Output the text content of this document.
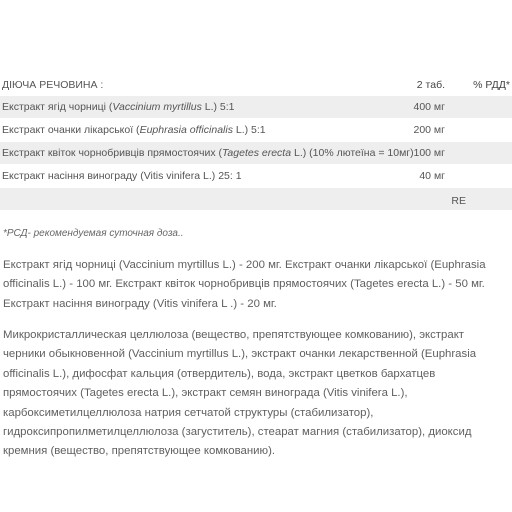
ДІЮЧА РЕЧОВИНА :	2 таб.	% РДД*
Екстракт ягід чорниці (Vaccinium myrtillus L.) 5:1	400 мг
Екстракт очанки лікарської (Euphrasia officinalis L.) 5:1	200 мг
Екстракт квіток чорнобривців прямостоячих (Tagetes erecta L.) (10% лютеїна = 10мг) 100 мг
Екстракт насіння винограду (Vitis vinifera L.) 25: 1	40 мг
RE
*РСД- рекомендуемая суточная доза..

Екстракт ягід чорниці (Vaccinium myrtillus L.) - 200 мг. Екстракт очанки лікарської (Euphrasia officinalis L.) - 100 мг. Екстракт квіток чорнобривців прямостоячих (Tagetes erecta L.) - 50 мг. Екстракт насіння винограду (Vitis vinifera L .) - 20 мг.

Микрокристаллическая целлюлоза (вещество, препятствующее комкованию), экстракт черники обыкновенной (Vaccinium myrtillus L.), экстракт очанки лекарственной (Euphrasia officinalis L.), дифосфат кальция (отвердитель), вода, экстракт цветков бархатцев прямостоячих (Tagetes erecta L.), экстракт семян винограда (Vitis vinifera L.), карбоксиметилцеллюлоза натрия сетчатой структуры (стабилизатор), гидроксипропилметилцеллюлоза (загуститель), стеарат магния (стабилизатор), диоксид кремния (вещество, препятствующее комкованию).
